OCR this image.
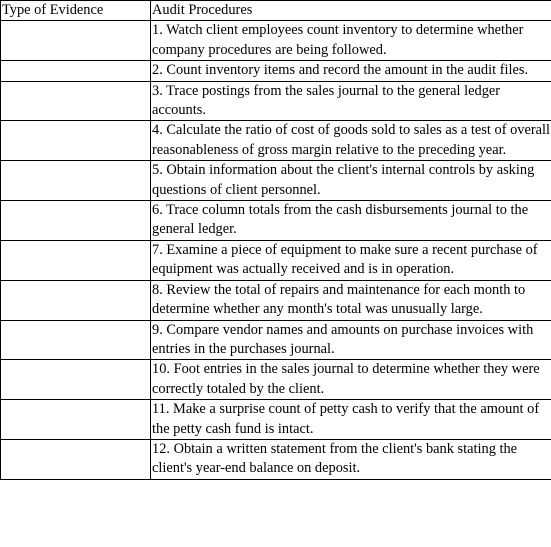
Type of Evidence	Audit Procedures
	1. Watch client employees count inventory to determine whether company procedures are being followed.
	2. Count inventory items and record the amount in the audit files.
	3. Trace postings from the sales journal to the general ledger accounts.
	4. Calculate the ratio of cost of goods sold to sales as a test of overall reasonableness of gross margin relative to the preceding year.
	5. Obtain information about the client's internal controls by asking questions of client personnel.
	6. Trace column totals from the cash disbursements journal to the general ledger.
	7. Examine a piece of equipment to make sure a recent purchase of equipment was actually received and is in operation.
	8. Review the total of repairs and maintenance for each month to determine whether any month's total was unusually large.
	9. Compare vendor names and amounts on purchase invoices with entries in the purchases journal.
	10. Foot entries in the sales journal to determine whether they were correctly totaled by the client.
	11. Make a surprise count of petty cash to verify that the amount of the petty cash fund is intact.
	12. Obtain a written statement from the client's bank stating the client's year-end balance on deposit.
